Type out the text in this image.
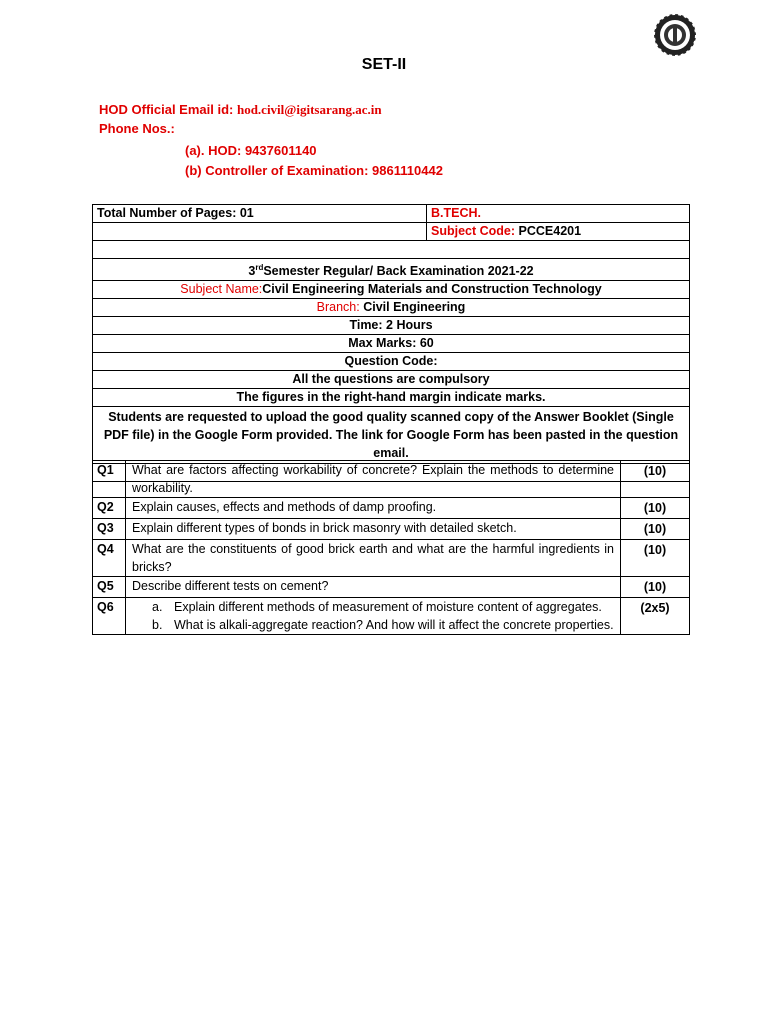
SET-II
HOD Official Email id: hod.civil@igitsarang.ac.in
Phone Nos.:
(a). HOD: 9437601140
(b) Controller of Examination: 9861110442
Total Number of Pages: 01	B.TECH.
	Subject Code: PCCE4201

3rdSemester Regular/ Back Examination 2021-22	
Subject Name:Civil Engineering Materials and Construction Technology	
Branch: Civil Engineering	
Time: 2 Hours	
Max Marks: 60	
Question Code:	
All the questions are compulsory	
The figures in the right-hand margin indicate marks.	
Students are requested to upload the good quality scanned copy of the Answer Booklet (Single PDF file) in the Google Form provided. The link for Google Form has been pasted in the question email.	

Q1	What are factors affecting workability of concrete? Explain the methods to determine workability.	(10)
Q2	Explain causes, effects and methods of damp proofing.	(10)
Q3	Explain different types of bonds in brick masonry with detailed sketch.	(10)
Q4	What are the constituents of good brick earth and what are the harmful ingredients in bricks?	(10)
Q5	Describe different tests on cement?	(10)
Q6	a. Explain different methods of measurement of moisture content of aggregates.
b. What is alkali-aggregate reaction? And how will it affect the concrete properties.	(2x5)
